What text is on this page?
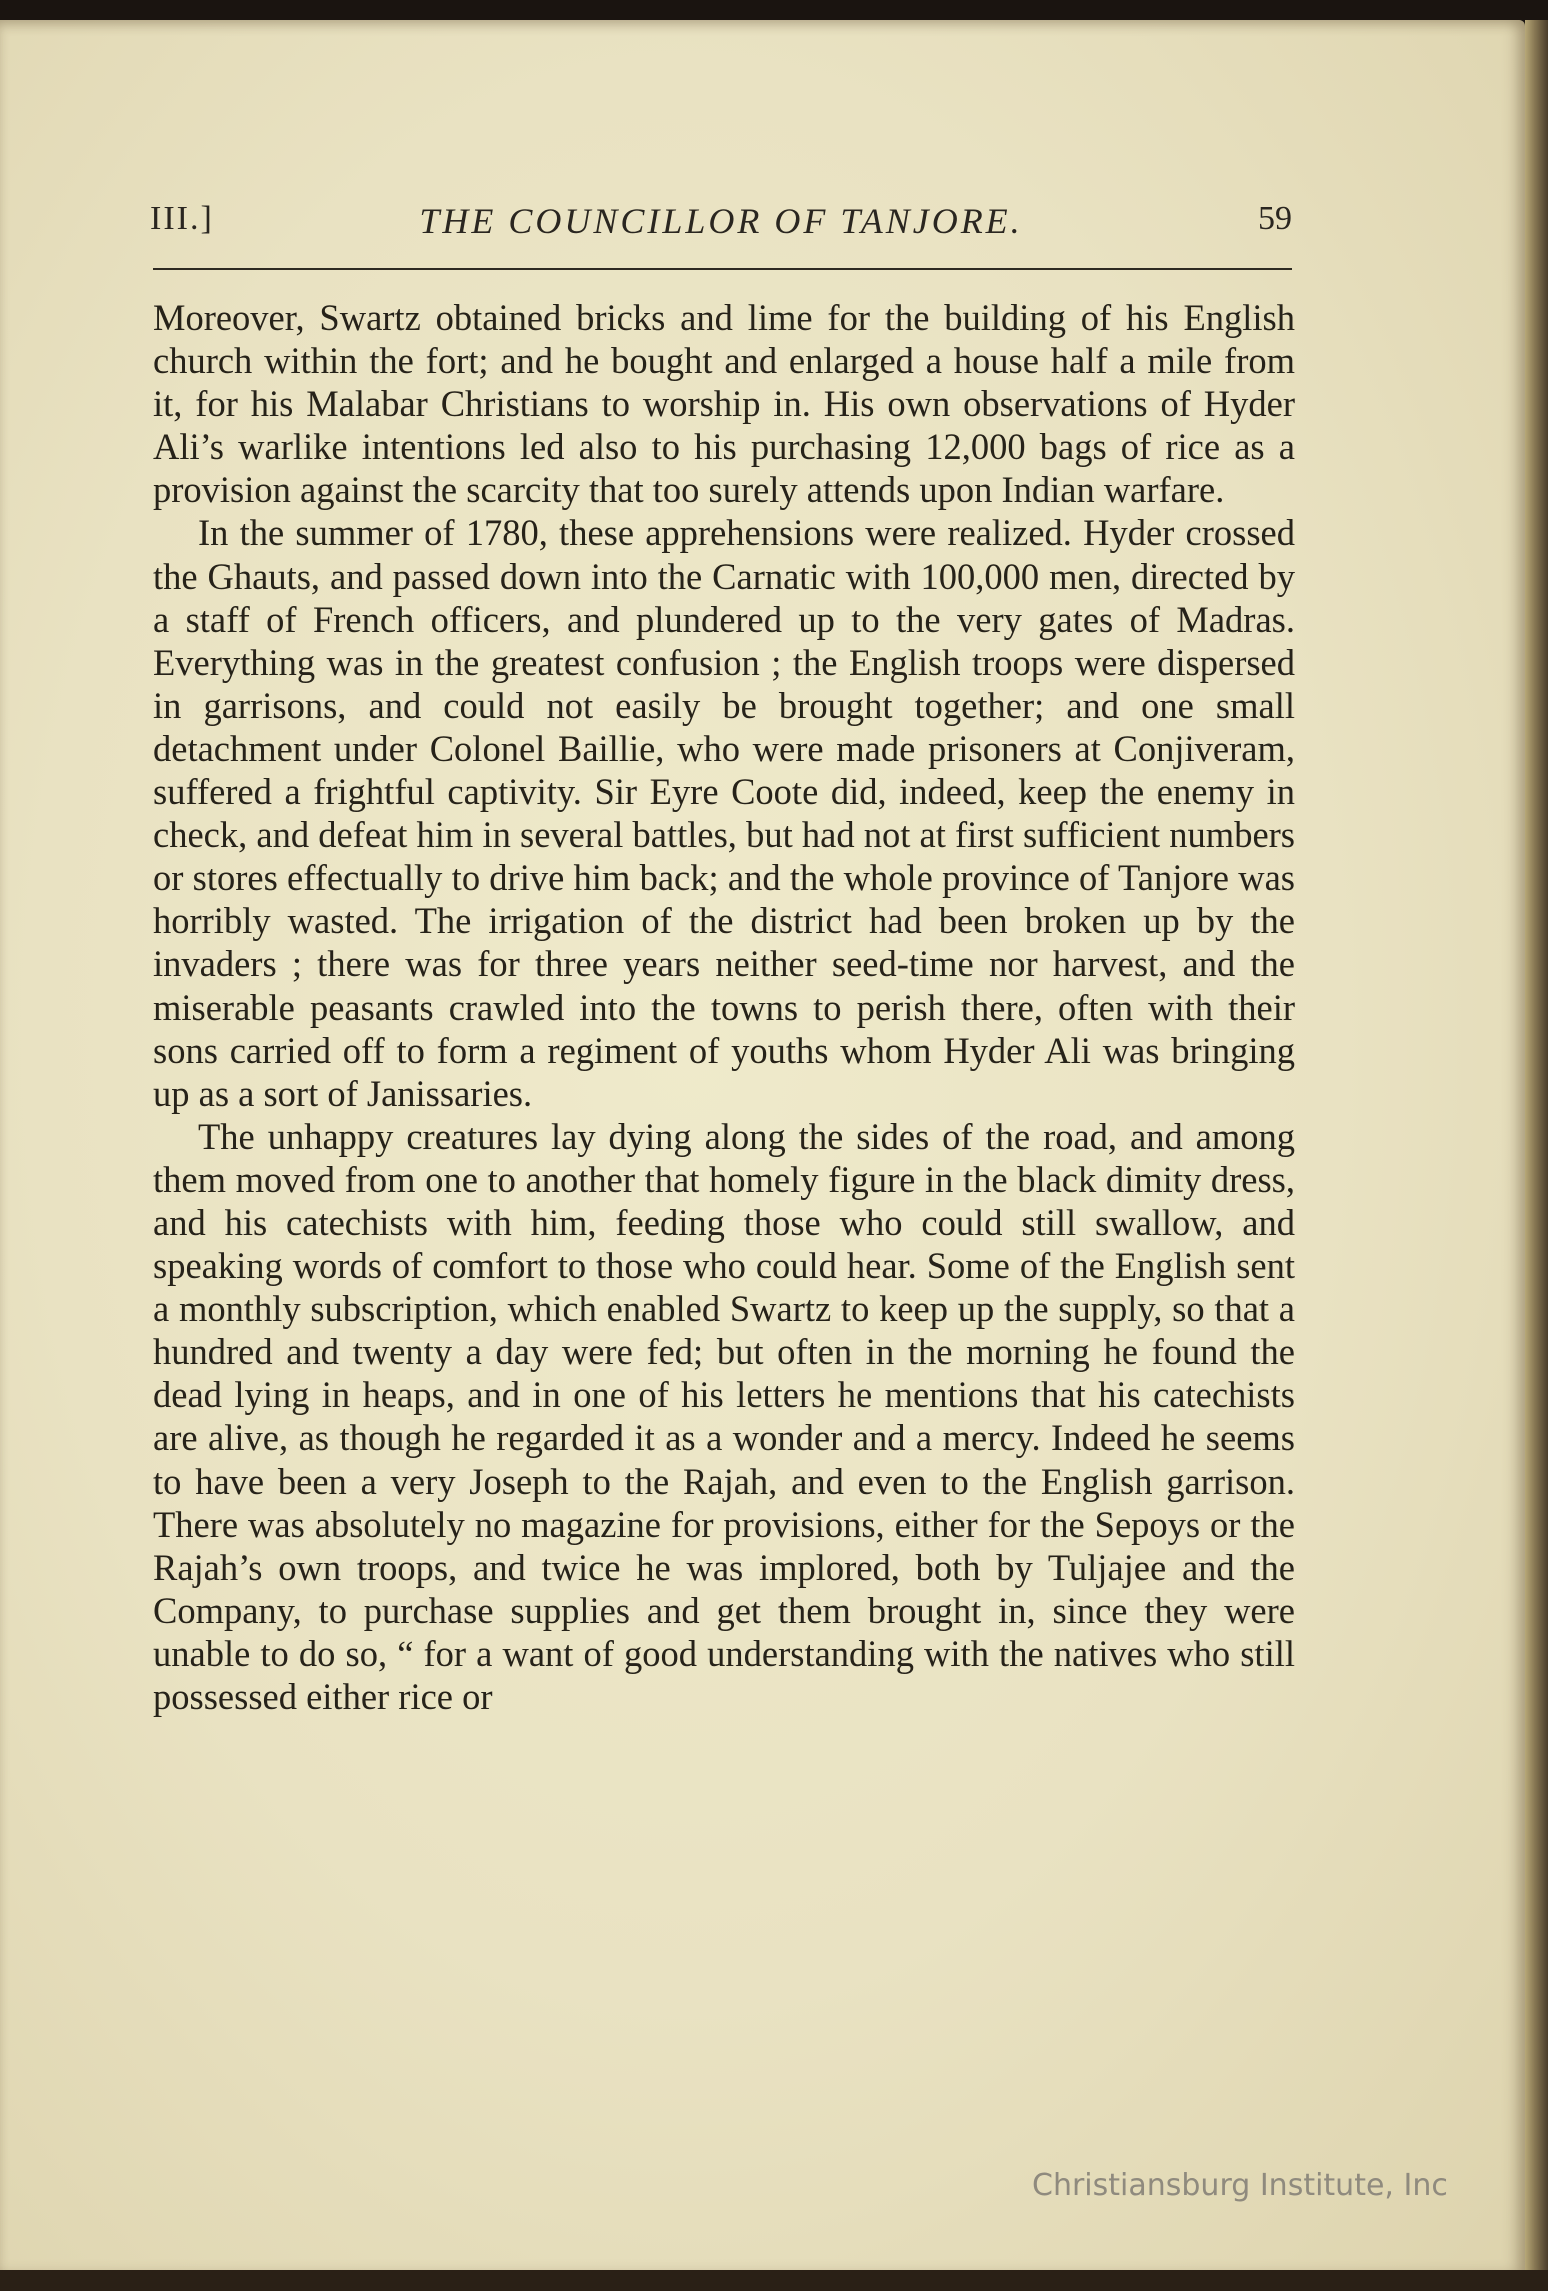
III.]	THE COUNCILLOR OF TANJORE.	59

Moreover, Swartz obtained bricks and lime for the building of his English church within the fort; and he bought and enlarged a house half a mile from it, for his Malabar Christians to worship in. His own observations of Hyder Ali’s warlike intentions led also to his purchasing 12,000 bags of rice as a provision against the scarcity that too surely attends upon Indian warfare.

In the summer of 1780, these apprehensions were realized. Hyder crossed the Ghauts, and passed down into the Carnatic with 100,000 men, directed by a staff of French officers, and plundered up to the very gates of Madras. Everything was in the greatest confusion ; the English troops were dispersed in garrisons, and could not easily be brought together; and one small detachment under Colonel Baillie, who were made prisoners at Conjiveram, suffered a frightful captivity. Sir Eyre Coote did, indeed, keep the enemy in check, and defeat him in several battles, but had not at first sufficient numbers or stores effectually to drive him back; and the whole province of Tanjore was horribly wasted. The irrigation of the district had been broken up by the invaders ; there was for three years neither seed-time nor harvest, and the miserable peasants crawled into the towns to perish there, often with their sons carried off to form a regiment of youths whom Hyder Ali was bringing up as a sort of Janissaries.

The unhappy creatures lay dying along the sides of the road, and among them moved from one to another that homely figure in the black dimity dress, and his catechists with him, feeding those who could still swallow, and speaking words of comfort to those who could hear. Some of the English sent a monthly subscription, which enabled Swartz to keep up the supply, so that a hundred and twenty a day were fed; but often in the morning he found the dead lying in heaps, and in one of his letters he mentions that his catechists are alive, as though he regarded it as a wonder and a mercy. Indeed he seems to have been a very Joseph to the Rajah, and even to the English garrison. There was absolutely no magazine for provisions, either for the Sepoys or the Rajah’s own troops, and twice he was implored, both by Tuljajee and the Company, to purchase supplies and get them brought in, since they were unable to do so, “ for a want of good understanding with the natives who still possessed either rice or

Christiansburg Institute, Inc
